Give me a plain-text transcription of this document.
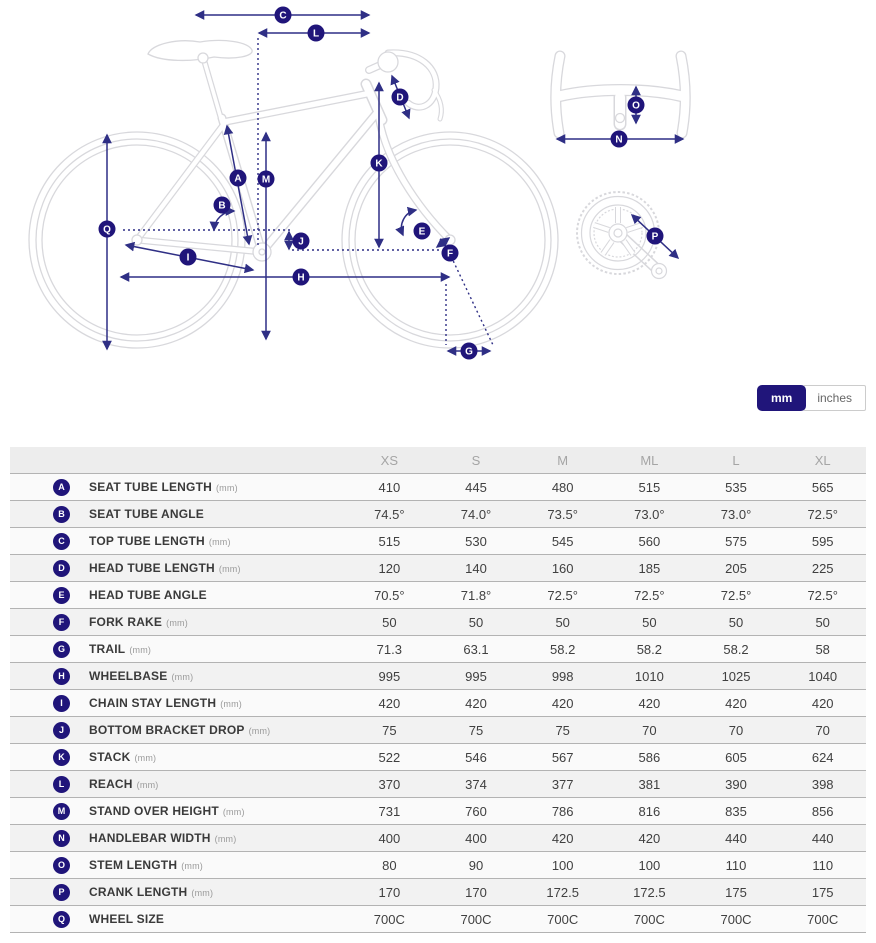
A
B
C
D
E
F
G
H
I
J
K
L
M
N
O
P
Q
mm	inches
XS	S	M	ML	L	XL
A	SEAT TUBE LENGTH (mm)	410	445	480	515	535	565
B	SEAT TUBE ANGLE	74.5°	74.0°	73.5°	73.0°	73.0°	72.5°
C	TOP TUBE LENGTH (mm)	515	530	545	560	575	595
D	HEAD TUBE LENGTH (mm)	120	140	160	185	205	225
E	HEAD TUBE ANGLE	70.5°	71.8°	72.5°	72.5°	72.5°	72.5°
F	FORK RAKE (mm)	50	50	50	50	50	50
G	TRAIL (mm)	71.3	63.1	58.2	58.2	58.2	58
H	WHEELBASE (mm)	995	995	998	1010	1025	1040
I	CHAIN STAY LENGTH (mm)	420	420	420	420	420	420
J	BOTTOM BRACKET DROP (mm)	75	75	75	70	70	70
K	STACK (mm)	522	546	567	586	605	624
L	REACH (mm)	370	374	377	381	390	398
M	STAND OVER HEIGHT (mm)	731	760	786	816	835	856
N	HANDLEBAR WIDTH (mm)	400	400	420	420	440	440
O	STEM LENGTH (mm)	80	90	100	100	110	110
P	CRANK LENGTH (mm)	170	170	172.5	172.5	175	175
Q	WHEEL SIZE	700C	700C	700C	700C	700C	700C
